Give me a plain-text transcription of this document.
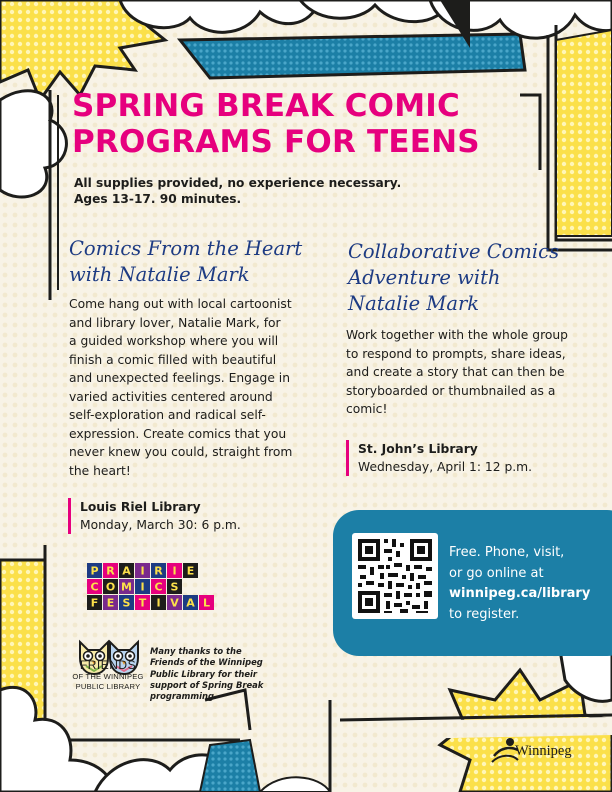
SPRING BREAK COMIC
PROGRAMS FOR TEENS
All supplies provided, no experience necessary.
Ages 13-17. 90 minutes.
Comics From the Heart
with Natalie Mark
Come hang out with local cartoonist
and library lover, Natalie Mark, for
a guided workshop where you will
finish a comic filled with beautiful
and unexpected feelings. Engage in
varied activities centered around
self-exploration and radical self-
expression. Create comics that you
never knew you could, straight from
the heart!
Louis Riel Library
Monday, March 30: 6 p.m.
Collaborative Comics
Adventure with
Natalie Mark
Work together with the whole group
to respond to prompts, share ideas,
and create a story that can then be
storyboarded or thumbnailed as a
comic!
St. John’s Library
Wednesday, April 1: 12 p.m.
Free. Phone, visit,
or go online at
winnipeg.ca/library
to register.
P R A I R I E
C O M I C S
F E S T I V A L
FRIENDS
OF THE WINNIPEG
PUBLIC LIBRARY
Many thanks to the
Friends of the Winnipeg
Public Library for their
support of Spring Break
programming.
Winnipeg
